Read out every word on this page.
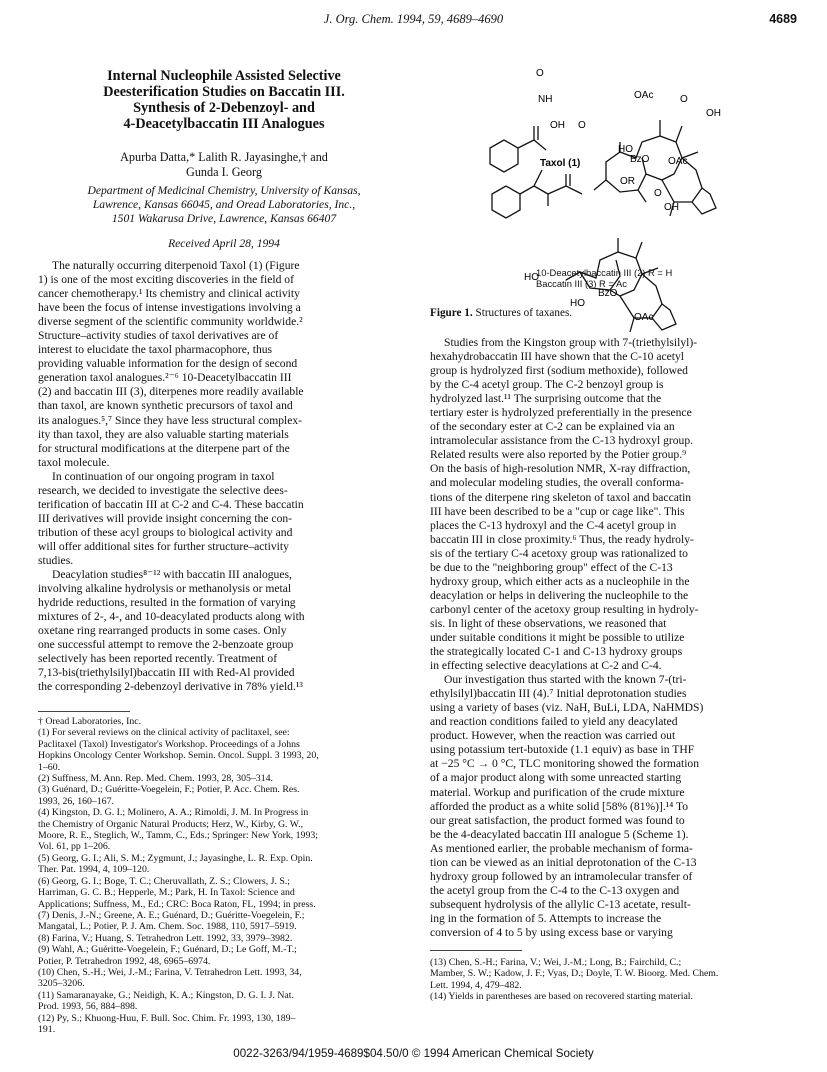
J. Org. Chem. 1994, 59, 4689–4690	4689
Internal Nucleophile Assisted Selective
Deesterification Studies on Baccatin III.
Synthesis of 2-Debenzoyl- and
4-Deacetylbaccatin III Analogues
Apurba Datta,* Lalith R. Jayasinghe,† and
Gunda I. Georg
Department of Medicinal Chemistry, University of Kansas,
Lawrence, Kansas 66045, and Oread Laboratories, Inc.,
1501 Wakarusa Drive, Lawrence, Kansas 66407
Received April 28, 1994

The naturally occurring diterpenoid Taxol (1) (Figure
1) is one of the most exciting discoveries in the field of
cancer chemotherapy.¹ Its chemistry and clinical activity
have been the focus of intense investigations involving a
diverse segment of the scientific community worldwide.²
Structure–activity studies of taxol derivatives are of
interest to elucidate the taxol pharmacophore, thus
providing valuable information for the design of second
generation taxol analogues.²⁻⁶ 10-Deacetylbaccatin III
(2) and baccatin III (3), diterpenes more readily available
than taxol, are known synthetic precursors of taxol and
its analogues.⁵,⁷ Since they have less structural complex-
ity than taxol, they are also valuable starting materials
for structural modifications at the diterpene part of the
taxol molecule.

In continuation of our ongoing program in taxol
research, we decided to investigate the selective dees-
terification of baccatin III at C-2 and C-4. These baccatin
III derivatives will provide insight concerning the con-
tribution of these acyl groups to biological activity and
will offer additional sites for further structure–activity
studies.

Deacylation studies⁸⁻¹² with baccatin III analogues,
involving alkaline hydrolysis or methanolysis or metal
hydride reductions, resulted in the formation of varying
mixtures of 2-, 4-, and 10-deacylated products along with
oxetane ring rearranged products in some cases. Only
one successful attempt to remove the 2-benzoate group
selectively has been reported recently. Treatment of
7,13-bis(triethylsilyl)baccatin III with Red-Al provided
the corresponding 2-debenzoyl derivative in 78% yield.¹³

Studies from the Kingston group with 7-(triethylsilyl)-
hexahydrobaccatin III have shown that the C-10 acetyl
group is hydrolyzed first (sodium methoxide), followed
by the C-4 acetyl group. The C-2 benzoyl group is
hydrolyzed last.¹¹ The surprising outcome that the
tertiary ester is hydrolyzed preferentially in the presence
of the secondary ester at C-2 can be explained via an
intramolecular assistance from the C-13 hydroxyl group.
Related results were also reported by the Potier group.⁹
On the basis of high-resolution NMR, X-ray diffraction,
and molecular modeling studies, the overall conforma-
tions of the diterpene ring skeleton of taxol and baccatin
III have been described to be a "cup or cage like". This
places the C-13 hydroxyl and the C-4 acetyl group in
baccatin III in close proximity.⁶ Thus, the ready hydroly-
sis of the tertiary C-4 acetoxy group was rationalized to
be due to the "neighboring group" effect of the C-13
hydroxy group, which either acts as a nucleophile in the
deacylation or helps in delivering the nucleophile to the
carbonyl center of the acetoxy group resulting in hydroly-
sis. In light of these observations, we reasoned that
under suitable conditions it might be possible to utilize
the strategically located C-1 and C-13 hydroxy groups
in effecting selective deacylations at C-2 and C-4.

Our investigation thus started with the known 7-(tri-
ethylsilyl)baccatin III (4).⁷ Initial deprotonation studies
using a variety of bases (viz. NaH, BuLi, LDA, NaHMDS)
and reaction conditions failed to yield any deacylated
product. However, when the reaction was carried out
using potassium tert-butoxide (1.1 equiv) as base in THF
at −25 °C → 0 °C, TLC monitoring showed the formation
of a major product along with some unreacted starting
material. Workup and purification of the crude mixture
afforded the product as a white solid [58% (81%)].¹⁴ To
our great satisfaction, the product formed was found to
be the 4-deacylated baccatin III analogue 5 (Scheme 1).
As mentioned earlier, the probable mechanism of forma-
tion can be viewed as an initial deprotonation of the C-13
hydroxy group followed by an intramolecular transfer of
the acetyl group from the C-4 to the C-13 oxygen and
subsequent hydrolysis of the allylic C-13 acetate, result-
ing in the formation of 5. Attempts to increase the
conversion of 4 to 5 by using excess base or varying

† Oread Laboratories, Inc.
(1) For several reviews on the clinical activity of paclitaxel, see:
Paclitaxel (Taxol) Investigator's Workshop. Proceedings of a Johns
Hopkins Oncology Center Workshop. Semin. Oncol. Suppl. 3 1993, 20,
1–60.
(2) Suffness, M. Ann. Rep. Med. Chem. 1993, 28, 305–314.
(3) Guénard, D.; Guéritte-Voegelein, F.; Potier, P. Acc. Chem. Res.
1993, 26, 160–167.
(4) Kingston, D. G. I.; Molinero, A. A.; Rimoldi, J. M. In Progress in
the Chemistry of Organic Natural Products; Herz, W., Kirby, G. W.,
Moore, R. E., Steglich, W., Tamm, C., Eds.; Springer: New York, 1993;
Vol. 61, pp 1–206.
(5) Georg, G. I.; Ali, S. M.; Zygmunt, J.; Jayasinghe, L. R. Exp. Opin.
Ther. Pat. 1994, 4, 109–120.
(6) Georg, G. I.; Boge, T. C.; Cheruvallath, Z. S.; Clowers, J. S.;
Harriman, G. C. B.; Hepperle, M.; Park, H. In Taxol: Science and
Applications; Suffness, M., Ed.; CRC: Boca Raton, FL, 1994; in press.
(7) Denis, J.-N.; Greene, A. E.; Guénard, D.; Guéritte-Voegelein, F.;
Mangatal, L.; Potier, P. J. Am. Chem. Soc. 1988, 110, 5917–5919.
(8) Farina, V.; Huang, S. Tetrahedron Lett. 1992, 33, 3979–3982.
(9) Wahl, A.; Guéritte-Voegelein, F.; Guénard, D.; Le Goff, M.-T.;
Potier, P. Tetrahedron 1992, 48, 6965–6974.
(10) Chen, S.-H.; Wei, J.-M.; Farina, V. Tetrahedron Lett. 1993, 34,
3205–3206.
(11) Samaranayake, G.; Neidigh, K. A.; Kingston, D. G. I. J. Nat.
Prod. 1993, 56, 884–898.
(12) Py, S.; Khuong-Huu, F. Bull. Soc. Chim. Fr. 1993, 130, 189–
191.
(13) Chen, S.-H.; Farina, V.; Wei, J.-M.; Long, B.; Fairchild, C.;
Mamber, S. W.; Kadow, J. F.; Vyas, D.; Doyle, T. W. Bioorg. Med. Chem.
Lett. 1994, 4, 479–482.
(14) Yields in parentheses are based on recovered starting material.
O
NH
OH O
OAc	O
OH
HO
BzO OAc
Taxol (1)
OR
O
OH
HO
HO
BzO
OAc
10-Deacetylbaccatin III (2) R = H
Baccatin III (3) R = Ac
Figure 1. Structures of taxanes.
0022-3263/94/1959-4689$04.50/0 © 1994 American Chemical Society
